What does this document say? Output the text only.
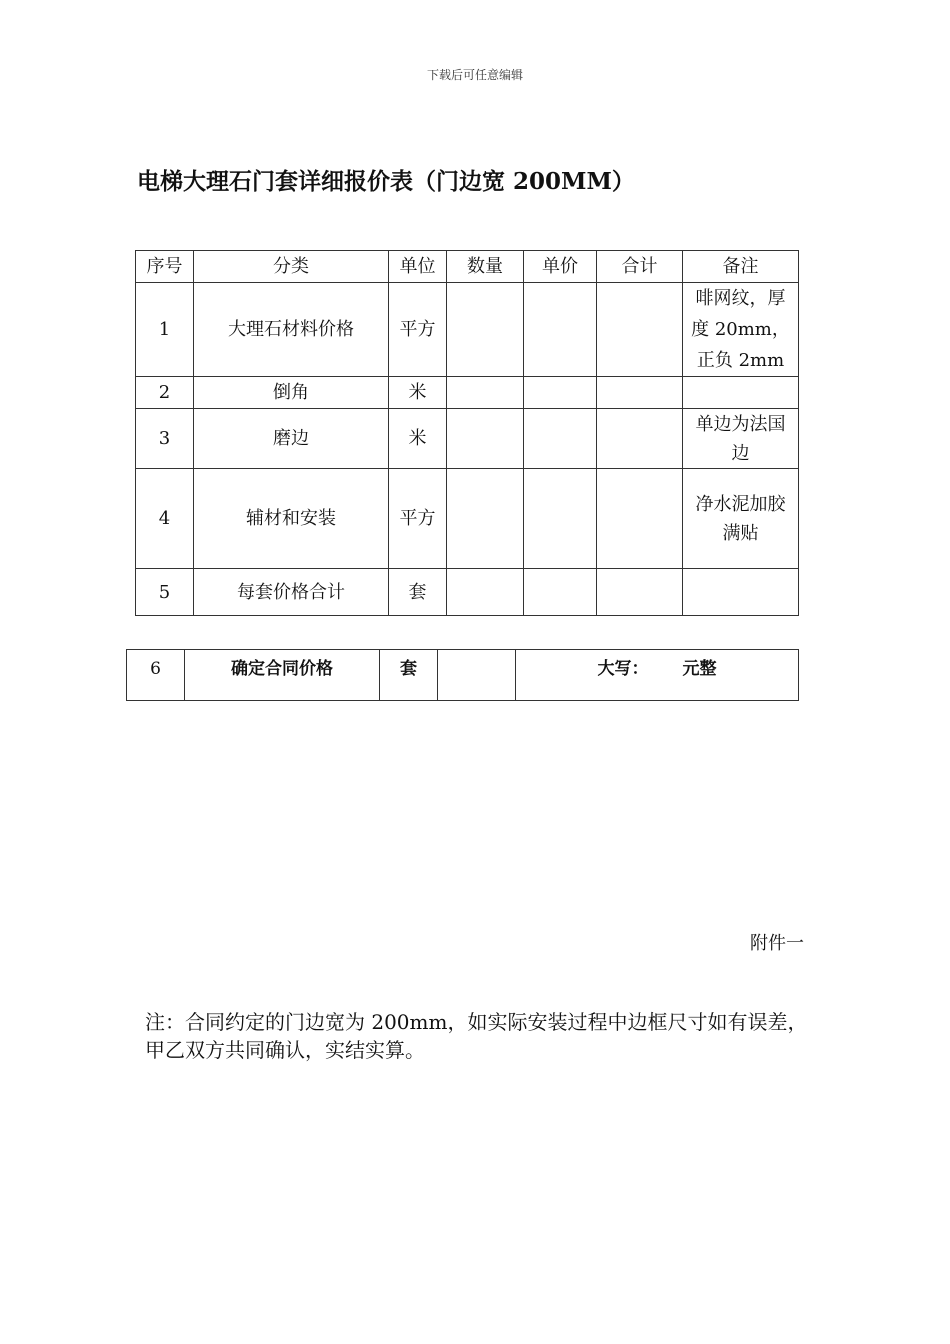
下载后可任意编辑
电梯大理石门套详细报价表（门边宽 200MM）
序号	分类	单位	数量	单价	合计	备注
1	大理石材料价格	平方				啡网纹，厚度 20mm，正负 2mm
2	倒角	米				
3	磨边	米				单边为法国边
4	辅材和安装	平方				净水泥加胶满贴
5	每套价格合计	套				
6	确定合同价格	套		大写： 元整
附件一
注：合同约定的门边宽为 200mm，如实际安装过程中边框尺寸如有误差，甲乙双方共同确认，实结实算。
